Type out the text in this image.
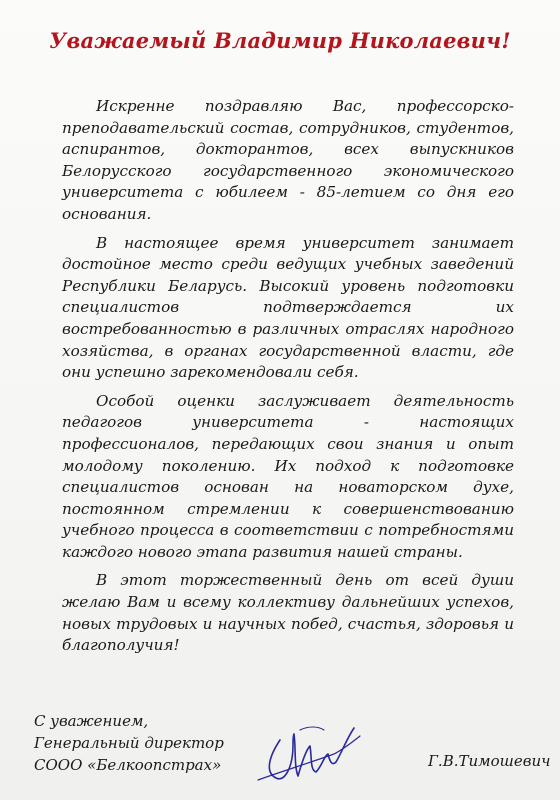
Уважаемый Владимир Николаевич!

Искренне поздравляю Вас, профессорско-преподавательский состав, сотрудников, студентов, аспирантов, докторантов, всех выпускников Белорусского государственного экономического университета с юбилеем - 85-летием со дня его основания.

В настоящее время университет занимает достойное место среди ведущих учебных заведений Республики Беларусь. Высокий уровень подготовки специалистов подтверждается их востребованностью в различных отраслях народного хозяйства, в органах государственной власти, где они успешно зарекомендовали себя.

Особой оценки заслуживает деятельность педагогов университета - настоящих профессионалов, передающих свои знания и опыт молодому поколению. Их подход к подготовке специалистов основан на новаторском духе, постоянном стремлении к совершенствованию учебного процесса в соответствии с потребностями каждого нового этапа развития нашей страны.

В этот торжественный день от всей души желаю Вам и всему коллективу дальнейших успехов, новых трудовых и научных побед, счастья, здоровья и благополучия!

С уважением,
Генеральный директор
СООО «Белкоопстрах»	Г.В.Тимошевич
